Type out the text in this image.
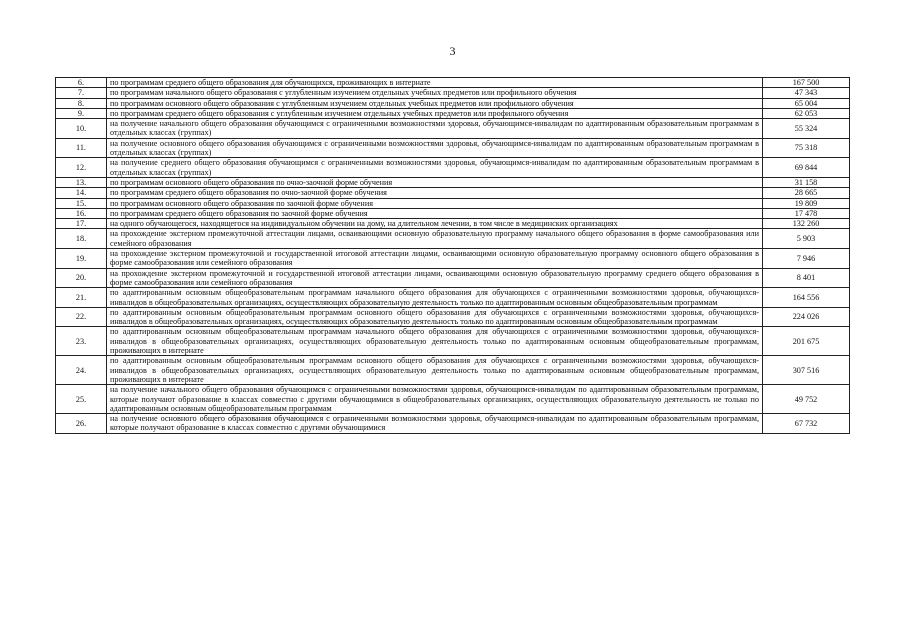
3
6.	по программам среднего общего образования для обучающихся, проживающих в интернате	167 500
7.	по программам начального общего образования с углубленным изучением отдельных учебных предметов или профильного обучения	47 343
8.	по программам основного общего образования с углубленным изучением отдельных учебных предметов или профильного обучения	65 004
9.	по программам среднего общего образования с углубленным изучением отдельных учебных предметов или профильного обучения	62 053
10.	на получение начального общего образования обучающимся с ограниченными возможностями здоровья, обучающимся-инвалидам по адаптированным образовательным программам в отдельных классах (группах)	55 324
11.	на получение основного общего образования обучающимся с ограниченными возможностями здоровья, обучающимся-инвалидам по адаптированным образовательным программам в отдельных классах (группах)	75 318
12.	на получение среднего общего образования обучающимся с ограниченными возможностями здоровья, обучающимся-инвалидам по адаптированным образовательным программам в отдельных классах (группах)	69 844
13.	по программам основного общего образования по очно-заочной форме обучения	31 158
14.	по программам среднего общего образования по очно-заочной форме обучения	28 665
15.	по программам основного общего образования по заочной форме обучения	19 809
16.	по программам среднего общего образования по заочной форме обучения	17 478
17.	на одного обучающегося, находящегося на индивидуальном обучении на дому, на длительном лечении, в том числе в медицинских организациях	132 260
18.	на прохождение экстерном промежуточной аттестации лицами, осваивающими основную образовательную программу начального общего образования в форме самообразования или семейного образования	5 903
19.	на прохождение экстерном промежуточной и государственной итоговой аттестации лицами, осваивающими основную образовательную программу основного общего образования в форме самообразования или семейного образования	7 946
20.	на прохождение экстерном промежуточной и государственной итоговой аттестации лицами, осваивающими основную образовательную программу среднего общего образования в форме самообразования или семейного образования	8 401
21.	по адаптированным основным общеобразовательным программам начального общего образования для обучающихся с ограниченными возможностями здоровья, обучающихся-инвалидов в общеобразовательных организациях, осуществляющих образовательную деятельность только по адаптированным основным общеобразовательным программам	164 556
22.	по адаптированным основным общеобразовательным программам основного общего образования для обучающихся с ограниченными возможностями здоровья, обучающихся-инвалидов в общеобразовательных организациях, осуществляющих образовательную деятельность только по адаптированным основным общеобразовательным программам	224 026
23.	по адаптированным основным общеобразовательным программам начального общего образования для обучающихся с ограниченными возможностями здоровья, обучающихся-инвалидов в общеобразовательных организациях, осуществляющих образовательную деятельность только по адаптированным основным общеобразовательным программам, проживающих в интернате	201 675
24.	по адаптированным основным общеобразовательным программам основного общего образования для обучающихся с ограниченными возможностями здоровья, обучающихся-инвалидов в общеобразовательных организациях, осуществляющих образовательную деятельность только по адаптированным основным общеобразовательным программам, проживающих в интернате	307 516
25.	на получение начального общего образования обучающимся с ограниченными возможностями здоровья, обучающимся-инвалидам по адаптированным образовательным программам, которые получают образование в классах совместно с другими обучающимися в общеобразовательных организациях, осуществляющих образовательную деятельность не только по адаптированным основным общеобразовательным программам	49 752
26.	на получение основного общего образования обучающимся с ограниченными возможностями здоровья, обучающимся-инвалидам по адаптированным образовательным программам, которые получают образование в классах совместно с другими обучающимися	67 732
